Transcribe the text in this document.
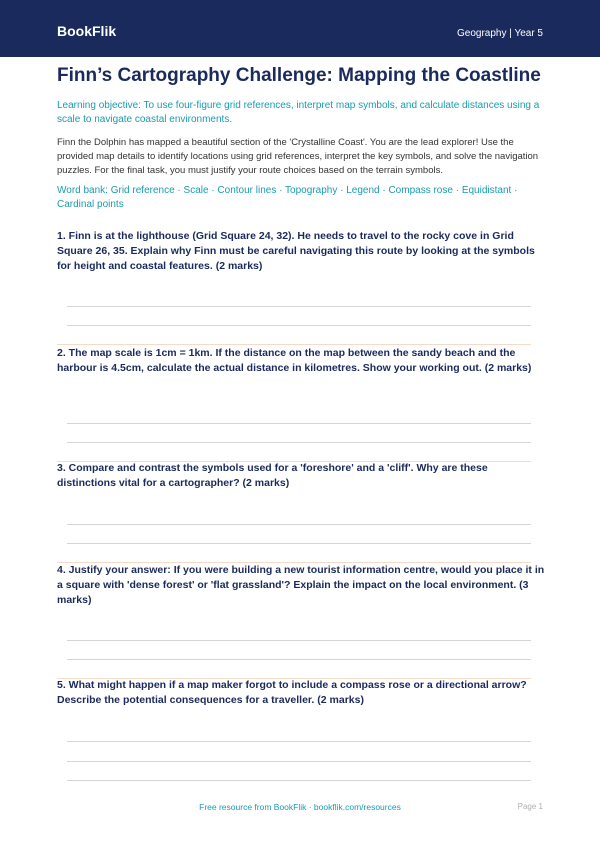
BookFlik	Geography | Year 5
Finn’s Cartography Challenge: Mapping the Coastline

Learning objective: To use four-figure grid references, interpret map symbols, and calculate distances using a scale to navigate coastal environments.

Finn the Dolphin has mapped a beautiful section of the 'Crystalline Coast'. You are the lead explorer! Use the provided map details to identify locations using grid references, interpret the key symbols, and solve the navigation puzzles. For the final task, you must justify your route choices based on the terrain symbols.

Word bank: Grid reference · Scale · Contour lines · Topography · Legend · Compass rose · Equidistant · Cardinal points

1. Finn is at the lighthouse (Grid Square 24, 32). He needs to travel to the rocky cove in Grid Square 26, 35. Explain why Finn must be careful navigating this route by looking at the symbols for height and coastal features. (2 marks)

2. The map scale is 1cm = 1km. If the distance on the map between the sandy beach and the harbour is 4.5cm, calculate the actual distance in kilometres. Show your working out. (2 marks)

3. Compare and contrast the symbols used for a 'foreshore' and a 'cliff'. Why are these distinctions vital for a cartographer? (2 marks)

4. Justify your answer: If you were building a new tourist information centre, would you place it in a square with 'dense forest' or 'flat grassland'? Explain the impact on the local environment. (3 marks)

5. What might happen if a map maker forgot to include a compass rose or a directional arrow? Describe the potential consequences for a traveller. (2 marks)

Free resource from BookFlik · bookflik.com/resources	Page 1
